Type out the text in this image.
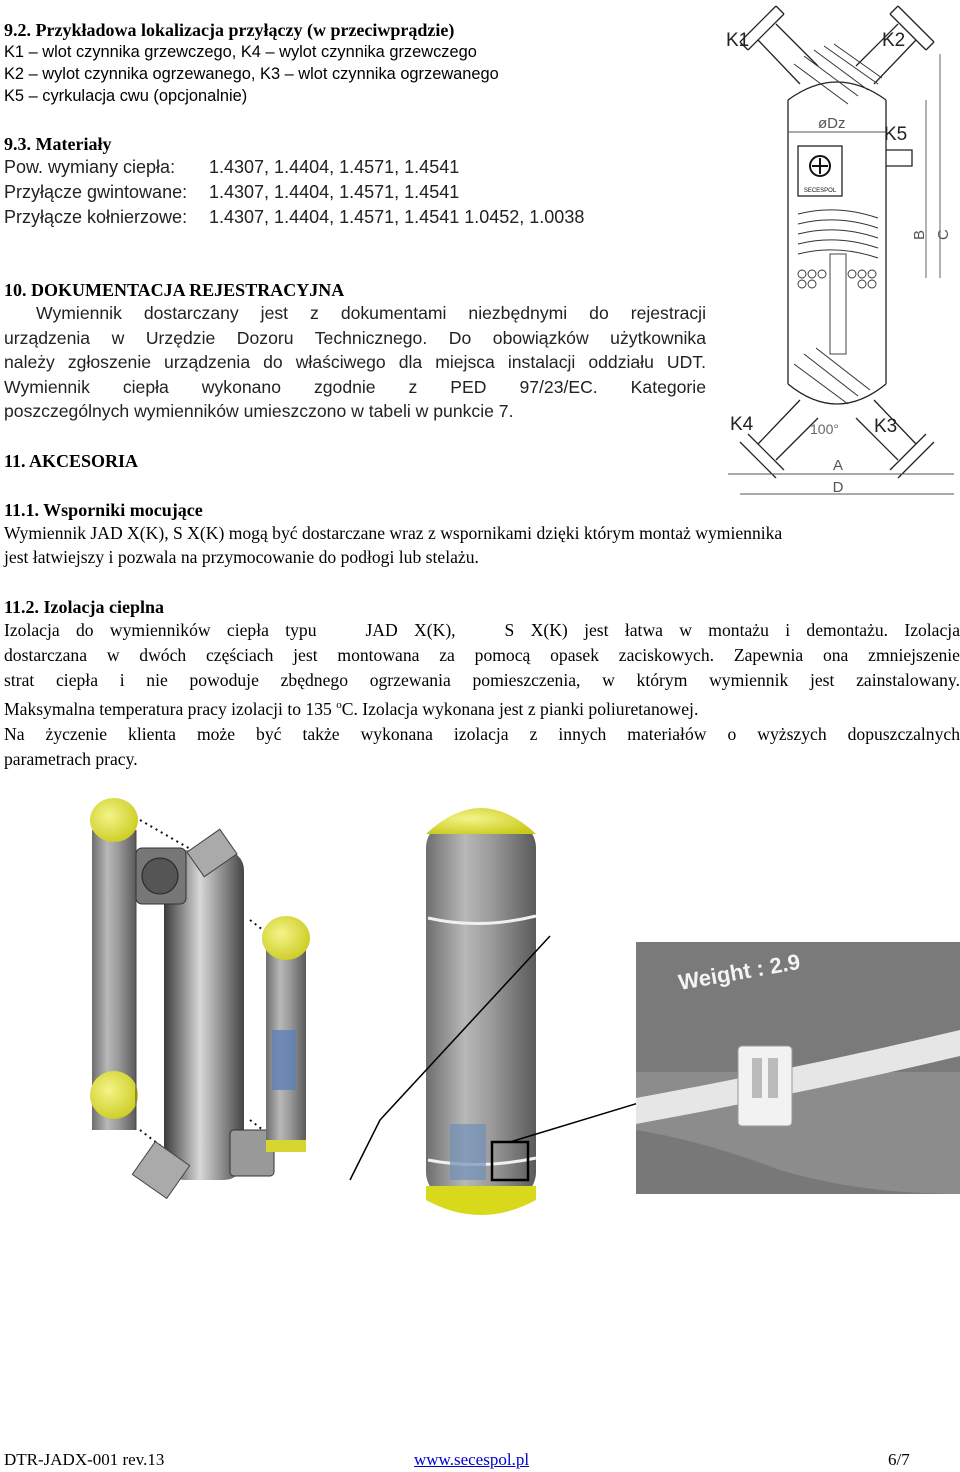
9.2. Przykładowa lokalizacja przyłączy (w przeciwprądzie)

K1 – wlot czynnika grzewczego, K4 – wylot czynnika grzewczego

K2 – wylot czynnika ogrzewanego, K3 – wlot czynnika ogrzewanego

K5 – cyrkulacja cwu (opcjonalnie)

9.3. Materiały

Pow. wymiany ciepła:	1.4307, 1.4404, 1.4571, 1.4541
Przyłącze gwintowane:	1.4307, 1.4404, 1.4571, 1.4541
Przyłącze kołnierzowe:	1.4307, 1.4404, 1.4571, 1.4541 1.0452, 1.0038

10. DOKUMENTACJA REJESTRACYJNA

Wymiennik dostarczany jest z dokumentami niezbędnymi do rejestracji

urządzenia w Urzędzie Dozoru Technicznego. Do obowiązków użytkownika

należy zgłoszenie urządzenia do właściwego dla miejsca instalacji oddziału UDT.

Wymiennik ciepła wykonano zgodnie z PED 97/23/EC. Kategorie

poszczególnych wymienników umieszczono w tabeli w punkcie 7.

11. AKCESORIA

11.1. Wsporniki mocujące

Wymiennik JAD X(K), S X(K) mogą być dostarczane wraz z wspornikami dzięki którym montaż wymiennika

jest łatwiejszy i pozwala na przymocowanie do podłogi lub stelażu.

11.2. Izolacja cieplna

Izolacja do wymienników ciepła typu   JAD X(K),   S X(K) jest łatwa w montażu i demontażu. Izolacja

dostarczana w dwóch częściach jest montowana za pomocą opasek zaciskowych. Zapewnia ona zmniejszenie

strat ciepła i nie powoduje zbędnego ogrzewania pomieszczenia, w którym wymiennik jest zainstalowany.

Maksymalna temperatura pracy izolacji to 135 $^o$C. Izolacja wykonana jest z pianki poliuretanowej.

Na życzenie klienta może być także wykonana izolacja z innych materiałów o wyższych dopuszczalnych

parametrach pracy.

SECESPOL
K1	K2
K5
øDz
K4	K3
100°
A
D
B C
Weight : 2.9
DTR-JADX-001 rev.13	www.secespol.pl	6/7
